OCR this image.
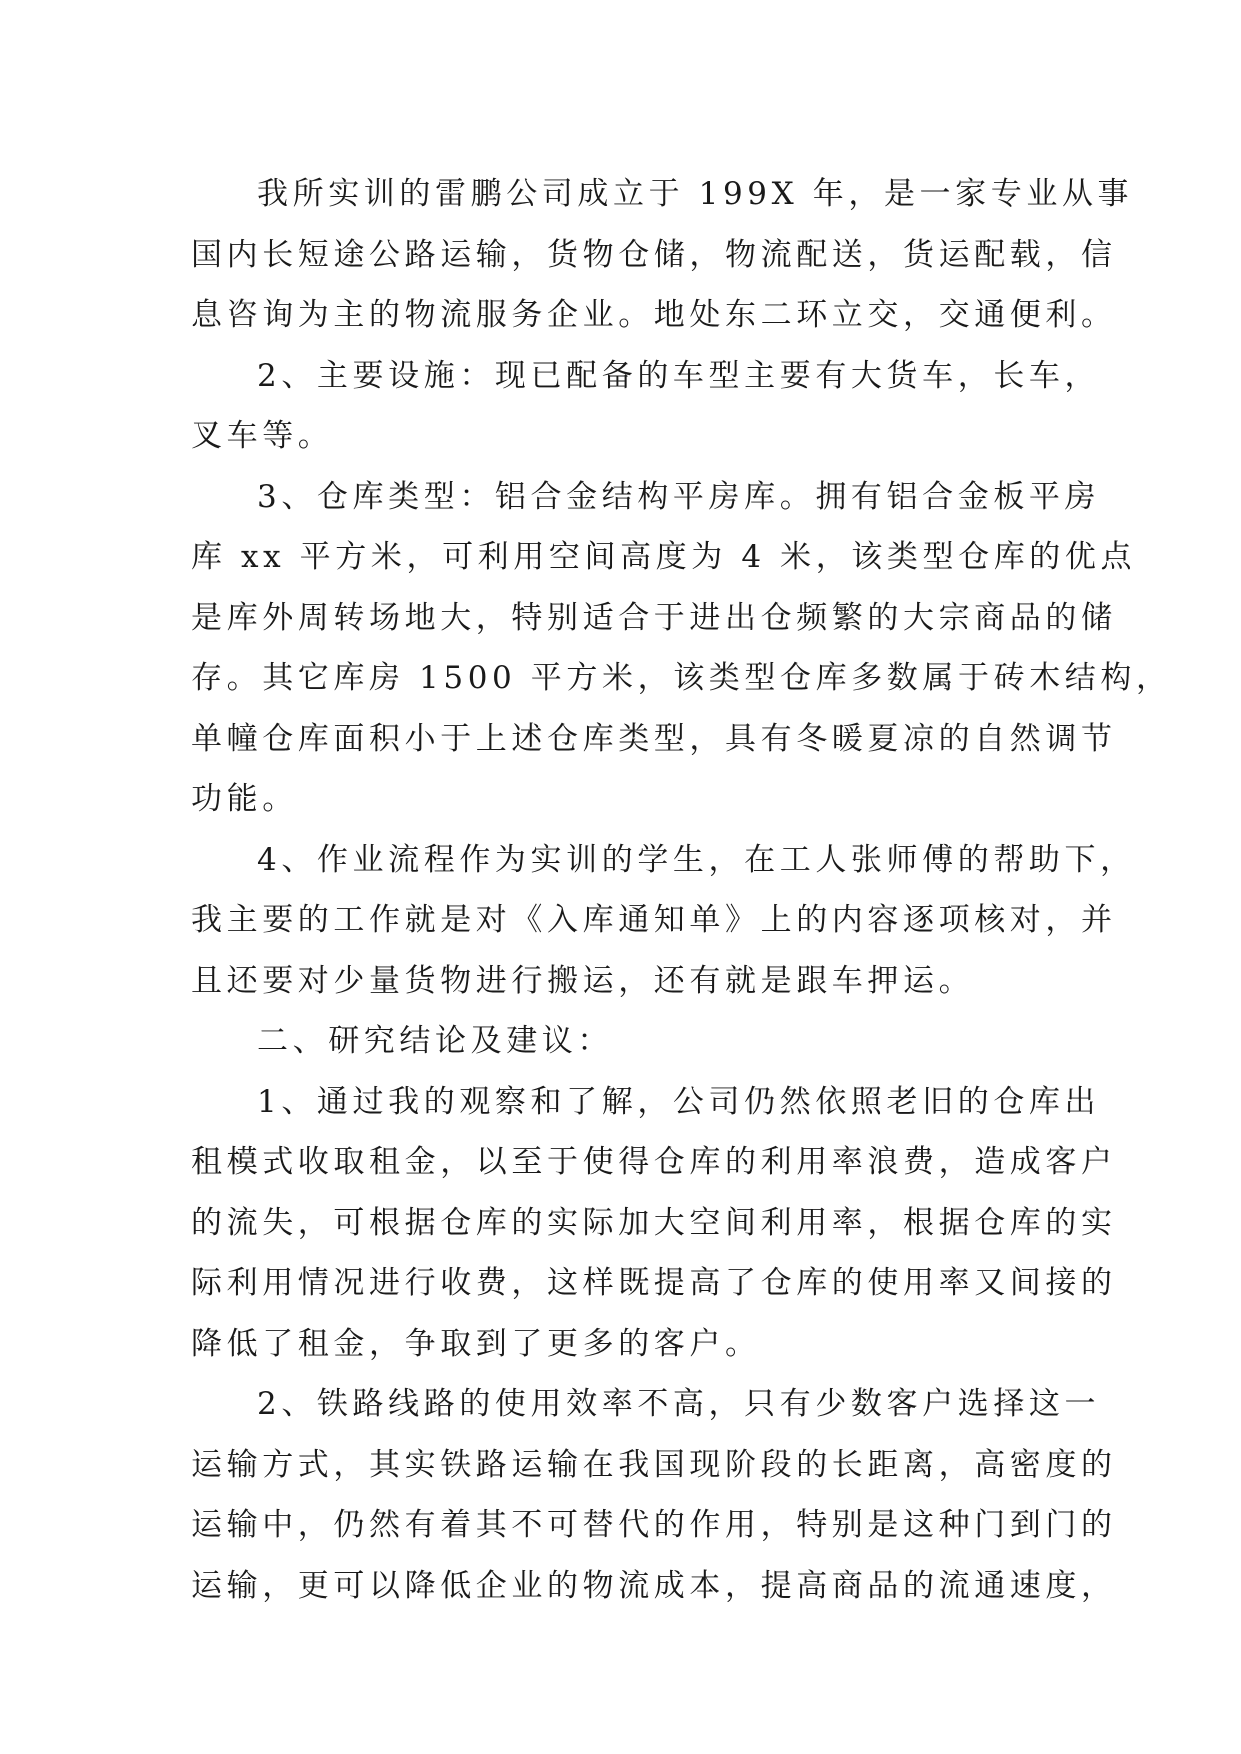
我所实训的雷鹏公司成立于 199X 年，是一家专业从事
国内长短途公路运输，货物仓储，物流配送，货运配载，信
息咨询为主的物流服务企业。地处东二环立交，交通便利。
2、主要设施：现已配备的车型主要有大货车，长车，
叉车等。
3、仓库类型：铝合金结构平房库。拥有铝合金板平房
库 xx 平方米，可利用空间高度为 4 米，该类型仓库的优点
是库外周转场地大，特别适合于进出仓频繁的大宗商品的储
存。其它库房 1500 平方米，该类型仓库多数属于砖木结构，
单幢仓库面积小于上述仓库类型，具有冬暖夏凉的自然调节
功能。
4、作业流程作为实训的学生，在工人张师傅的帮助下，
我主要的工作就是对《入库通知单》上的内容逐项核对，并
且还要对少量货物进行搬运，还有就是跟车押运。
二、研究结论及建议：
1、通过我的观察和了解，公司仍然依照老旧的仓库出
租模式收取租金，以至于使得仓库的利用率浪费，造成客户
的流失，可根据仓库的实际加大空间利用率，根据仓库的实
际利用情况进行收费，这样既提高了仓库的使用率又间接的
降低了租金，争取到了更多的客户。
2、铁路线路的使用效率不高，只有少数客户选择这一
运输方式，其实铁路运输在我国现阶段的长距离，高密度的
运输中，仍然有着其不可替代的作用，特别是这种门到门的
运输，更可以降低企业的物流成本，提高商品的流通速度，
